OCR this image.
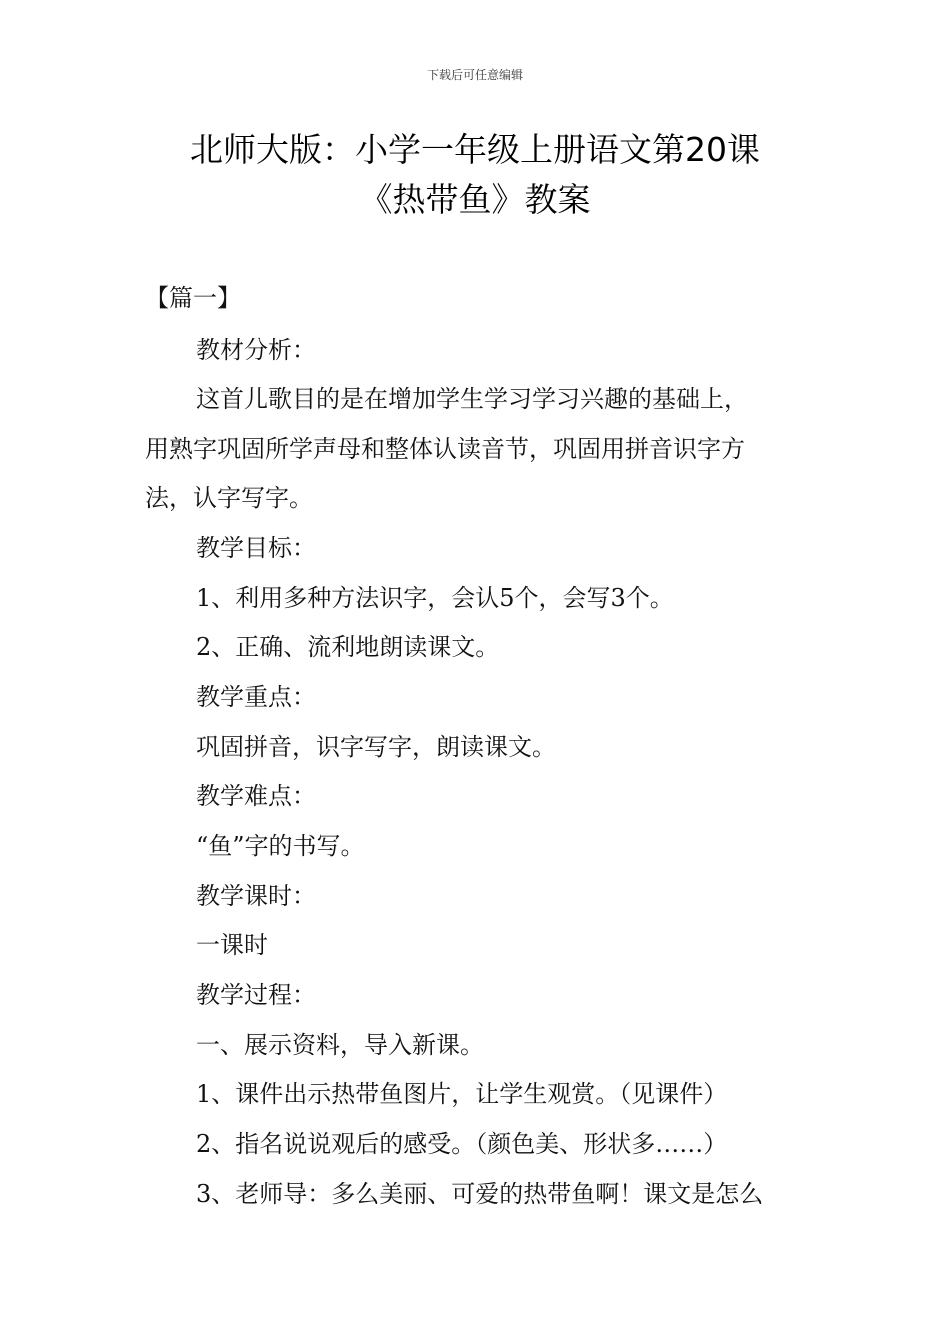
下载后可任意编辑
北师大版：小学一年级上册语文第20课
《热带鱼》教案
【篇一】
教材分析：
这首儿歌目的是在增加学生学习学习兴趣的基础上，
用熟字巩固所学声母和整体认读音节，巩固用拼音识字方
法，认字写字。
教学目标：
1、利用多种方法识字，会认5个，会写3个。
2、正确、流利地朗读课文。
教学重点：
巩固拼音，识字写字，朗读课文。
教学难点：
“鱼”字的书写。
教学课时：
一课时
教学过程：
一、展示资料，导入新课。
1、课件出示热带鱼图片，让学生观赏。（见课件）
2、指名说说观后的感受。（颜色美、形状多……）
3、老师导：多么美丽、可爱的热带鱼啊！课文是怎么
